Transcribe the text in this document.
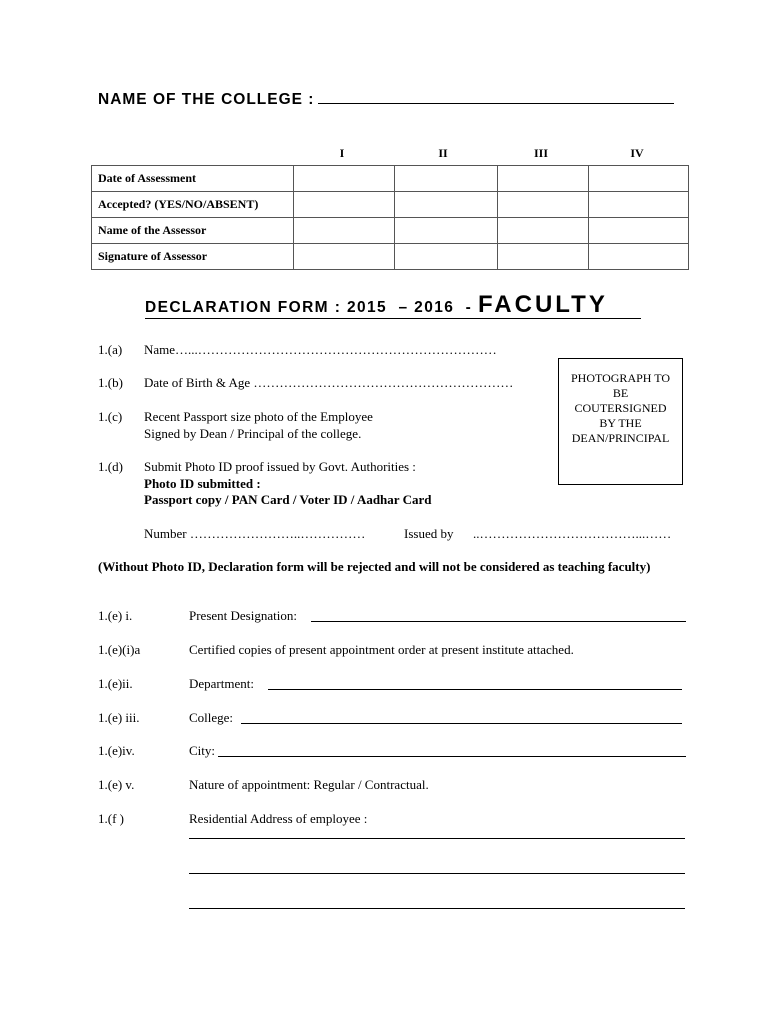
NAME OF THE COLLEGE :
I	II	III	IV
Date of Assessment				
Accepted? (YES/NO/ABSENT)				
Name of the Assessor				
Signature of Assessor				
DECLARATION FORM : 2015  – 2016  - FACULTY
PHOTOGRAPH TO
BE
COUTERSIGNED
BY THE
DEAN/PRINCIPAL
1.(a) Name…...……………………………………………………………
1.(b) Date of Birth & Age ……………………………………………………
1.(c) Recent Passport size photo of the Employee
Signed by Dean / Principal of the college.
1.(d) Submit Photo ID proof issued by Govt. Authorities :
Photo ID submitted :
Passport copy / PAN Card / Voter ID / Aadhar Card
Number ……………………..……………	Issued by ..………………………………...……
(Without Photo ID, Declaration form will be rejected and will not be considered as teaching faculty)
1.(e) i.	Present Designation:
1.(e)(i)a	Certified copies of present appointment order at present institute attached.
1.(e)ii.	Department:
1.(e) iii.	College:
1.(e)iv.	City:
1.(e) v.	Nature of appointment: Regular / Contractual.
1.(f )	Residential Address of employee :
